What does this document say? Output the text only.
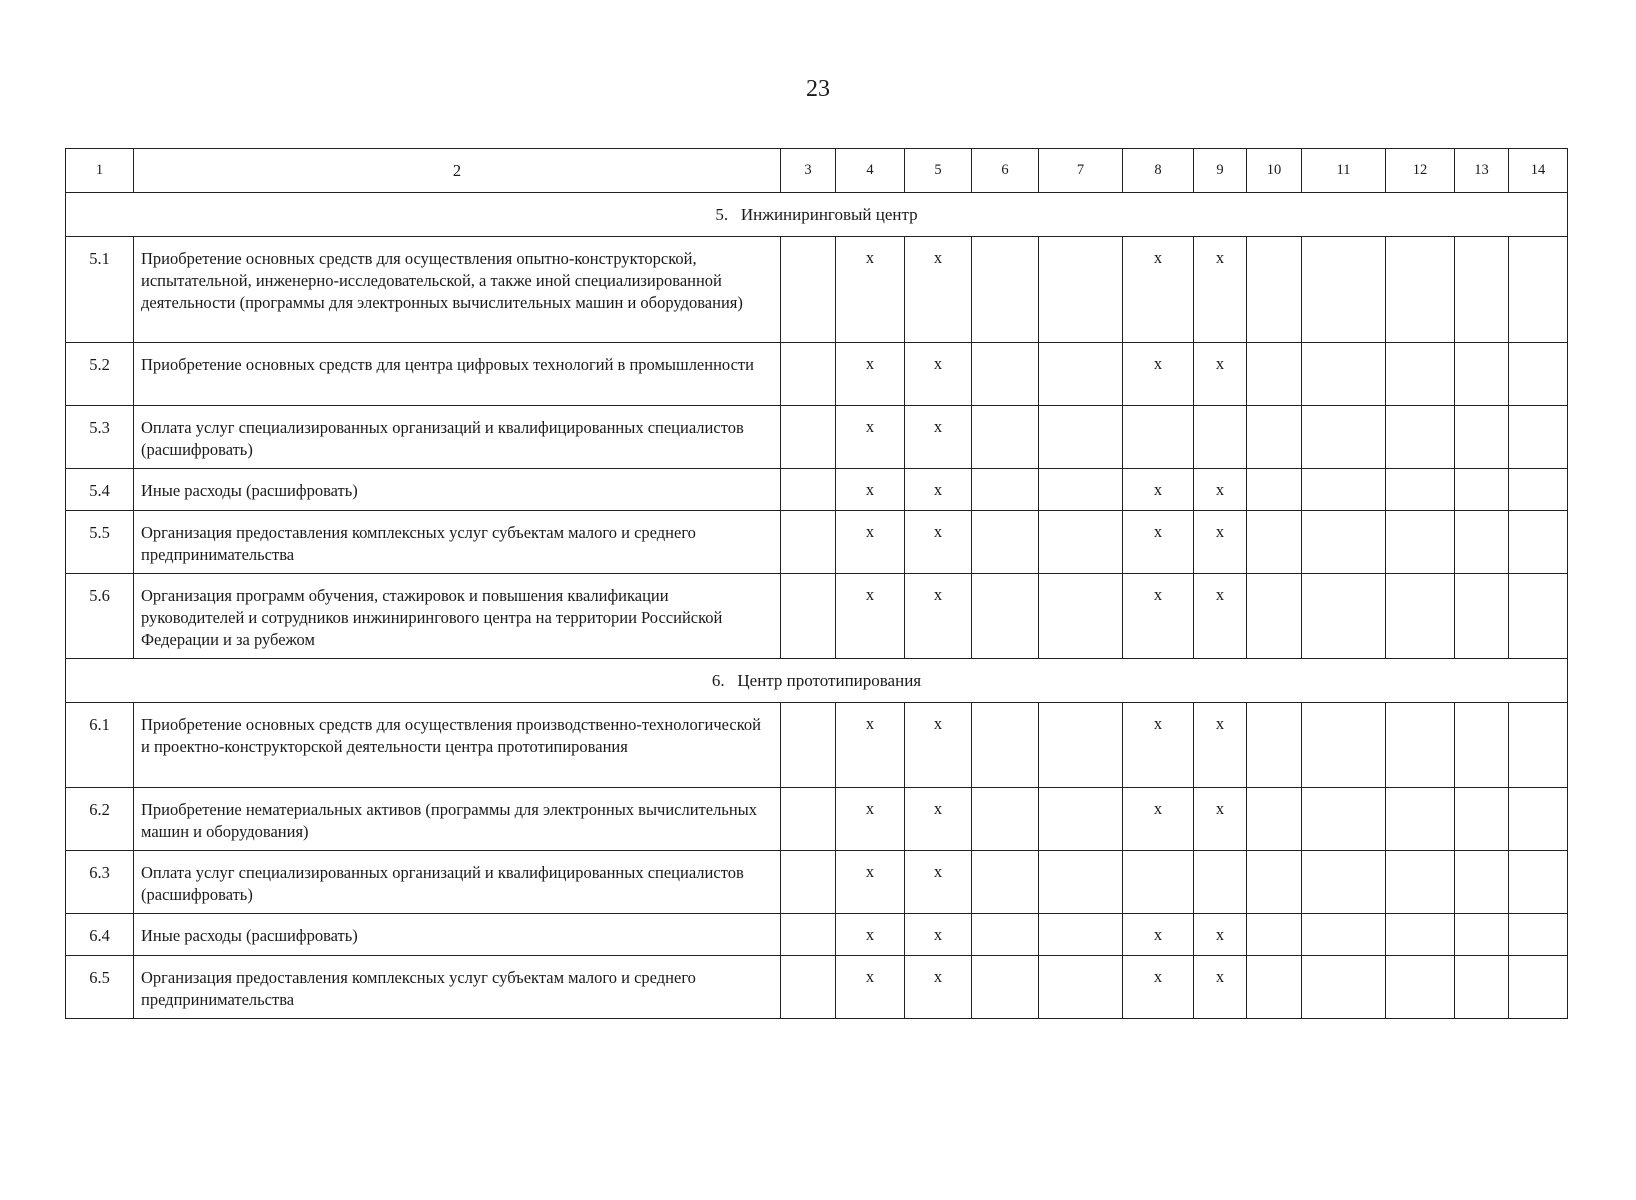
23
1	2	3	4	5	6	7	8	9	10	11	12	13	14
5.   Инжиниринговый центр													
5.1	Приобретение основных средств для осуществления опытно-конструкторской, испытательной, инженерно-исследовательской, а также иной специализированной деятельности (программы для электронных вычислительных машин и оборудования)		x	x			x	x					
5.2	Приобретение основных средств для центра цифровых технологий в промышленности		x	x			x	x					
5.3	Оплата услуг специализированных организаций и квалифицированных специалистов (расшифровать)		x	x									
5.4	Иные расходы (расшифровать)		x	x			x	x					
5.5	Организация предоставления комплексных услуг субъектам малого и среднего предпринимательства		x	x			x	x					
5.6	Организация программ обучения, стажировок и повышения квалификации руководителей и сотрудников инжинирингового центра на территории Российской Федерации и за рубежом		x	x			x	x					
6.   Центр прототипирования													
6.1	Приобретение основных средств для осуществления производственно-технологической и проектно-конструкторской деятельности центра прототипирования		x	x			x	x					
6.2	Приобретение нематериальных активов (программы для электронных вычислительных машин и оборудования)		x	x			x	x					
6.3	Оплата услуг специализированных организаций и квалифицированных специалистов (расшифровать)		x	x									
6.4	Иные расходы (расшифровать)		x	x			x	x					
6.5	Организация предоставления комплексных услуг субъектам малого и среднего предпринимательства		x	x			x	x					
